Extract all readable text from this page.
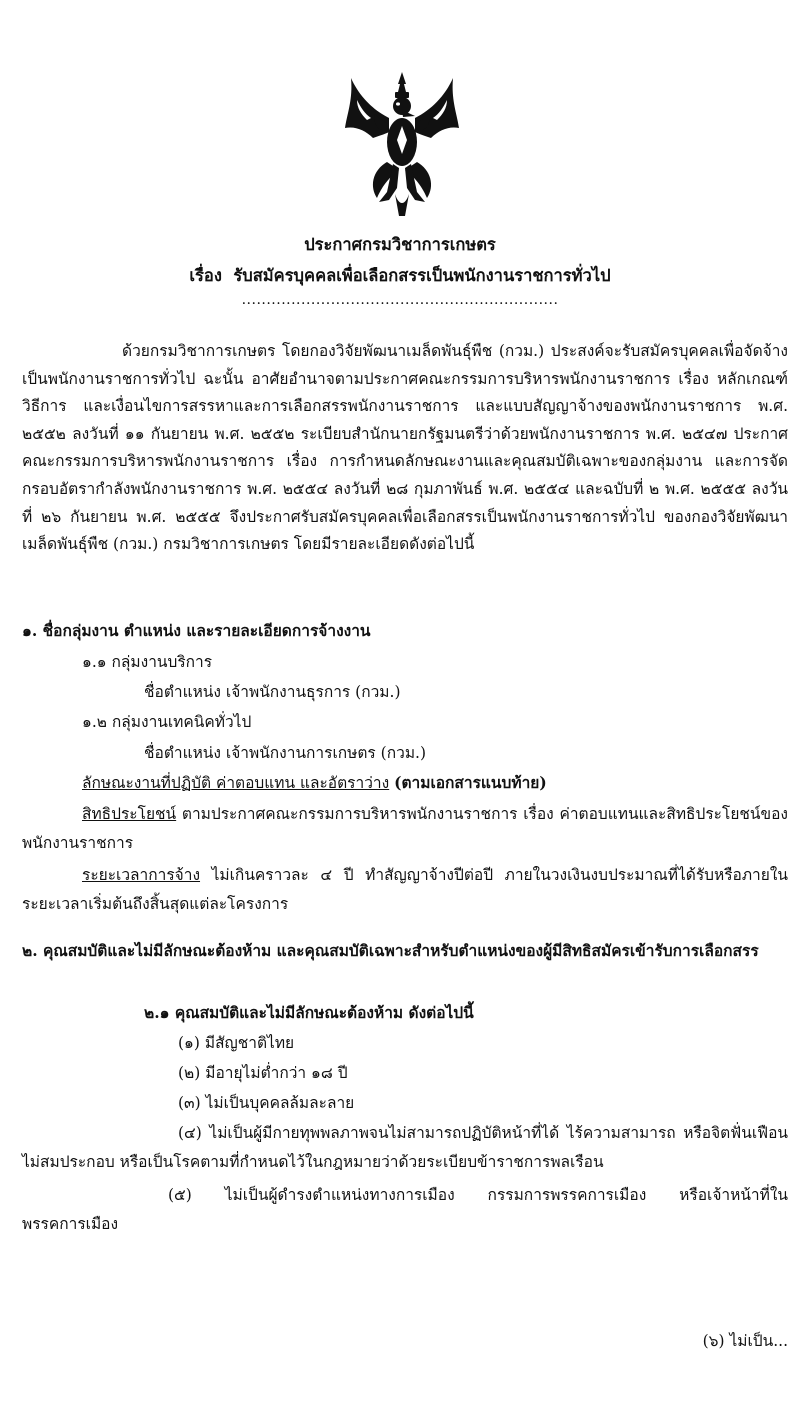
ประกาศกรมวิชาการเกษตร
เรื่อง รับสมัครบุคคลเพื่อเลือกสรรเป็นพนักงานราชการทั่วไป
................................................................

ด้วยกรมวิชาการเกษตร โดยกองวิจัยพัฒนาเมล็ดพันธุ์พืช (กวม.) ประสงค์จะรับสมัครบุคคลเพื่อจัดจ้างเป็นพนักงานราชการทั่วไป ฉะนั้น อาศัยอำนาจตามประกาศคณะกรรมการบริหารพนักงานราชการ เรื่อง หลักเกณฑ์ วิธีการ และเงื่อนไขการสรรหาและการเลือกสรรพนักงานราชการ และแบบสัญญาจ้างของพนักงานราชการ พ.ศ. ๒๕๕๒ ลงวันที่ ๑๑ กันยายน พ.ศ. ๒๕๕๒ ระเบียบสำนักนายกรัฐมนตรีว่าด้วยพนักงานราชการ พ.ศ. ๒๕๔๗ ประกาศคณะกรรมการบริหารพนักงานราชการ เรื่อง การกำหนดลักษณะงานและคุณสมบัติเฉพาะของกลุ่มงาน และการจัดกรอบอัตรากำลังพนักงานราชการ พ.ศ. ๒๕๕๔ ลงวันที่ ๒๘ กุมภาพันธ์ พ.ศ. ๒๕๕๔ และฉบับที่ ๒ พ.ศ. ๒๕๕๕ ลงวันที่ ๒๖ กันยายน พ.ศ. ๒๕๕๕ จึงประกาศรับสมัครบุคคลเพื่อเลือกสรรเป็นพนักงานราชการทั่วไป ของกองวิจัยพัฒนาเมล็ดพันธุ์พืช (กวม.) กรมวิชาการเกษตร โดยมีรายละเอียดดังต่อไปนี้

๑. ชื่อกลุ่มงาน ตำแหน่ง และรายละเอียดการจ้างงาน
๑.๑ กลุ่มงานบริการ
ชื่อตำแหน่ง เจ้าพนักงานธุรการ (กวม.)
๑.๒ กลุ่มงานเทคนิคทั่วไป
ชื่อตำแหน่ง เจ้าพนักงานการเกษตร (กวม.)
ลักษณะงานที่ปฏิบัติ ค่าตอบแทน และอัตราว่าง (ตามเอกสารแนบท้าย)

สิทธิประโยชน์ ตามประกาศคณะกรรมการบริหารพนักงานราชการ เรื่อง ค่าตอบแทนและสิทธิประโยชน์ของพนักงานราชการ

ระยะเวลาการจ้าง ไม่เกินคราวละ ๔ ปี ทำสัญญาจ้างปีต่อปี ภายในวงเงินงบประมาณที่ได้รับหรือภายในระยะเวลาเริ่มต้นถึงสิ้นสุดแต่ละโครงการ

๒. คุณสมบัติและไม่มีลักษณะต้องห้าม และคุณสมบัติเฉพาะสำหรับตำแหน่งของผู้มีสิทธิสมัครเข้ารับการเลือกสรร

๒.๑ คุณสมบัติและไม่มีลักษณะต้องห้าม ดังต่อไปนี้
(๑) มีสัญชาติไทย
(๒) มีอายุไม่ต่ำกว่า ๑๘ ปี
(๓) ไม่เป็นบุคคลล้มละลาย

(๔) ไม่เป็นผู้มีกายทุพพลภาพจนไม่สามารถปฏิบัติหน้าที่ได้ ไร้ความสามารถ หรือจิตฟั่นเฟือนไม่สมประกอบ หรือเป็นโรคตามที่กำหนดไว้ในกฎหมายว่าด้วยระเบียบข้าราชการพลเรือน

(๕) ไม่เป็นผู้ดำรงตำแหน่งทางการเมือง กรรมการพรรคการเมือง หรือเจ้าหน้าที่ในพรรคการเมือง

(๖) ไม่เป็น...
